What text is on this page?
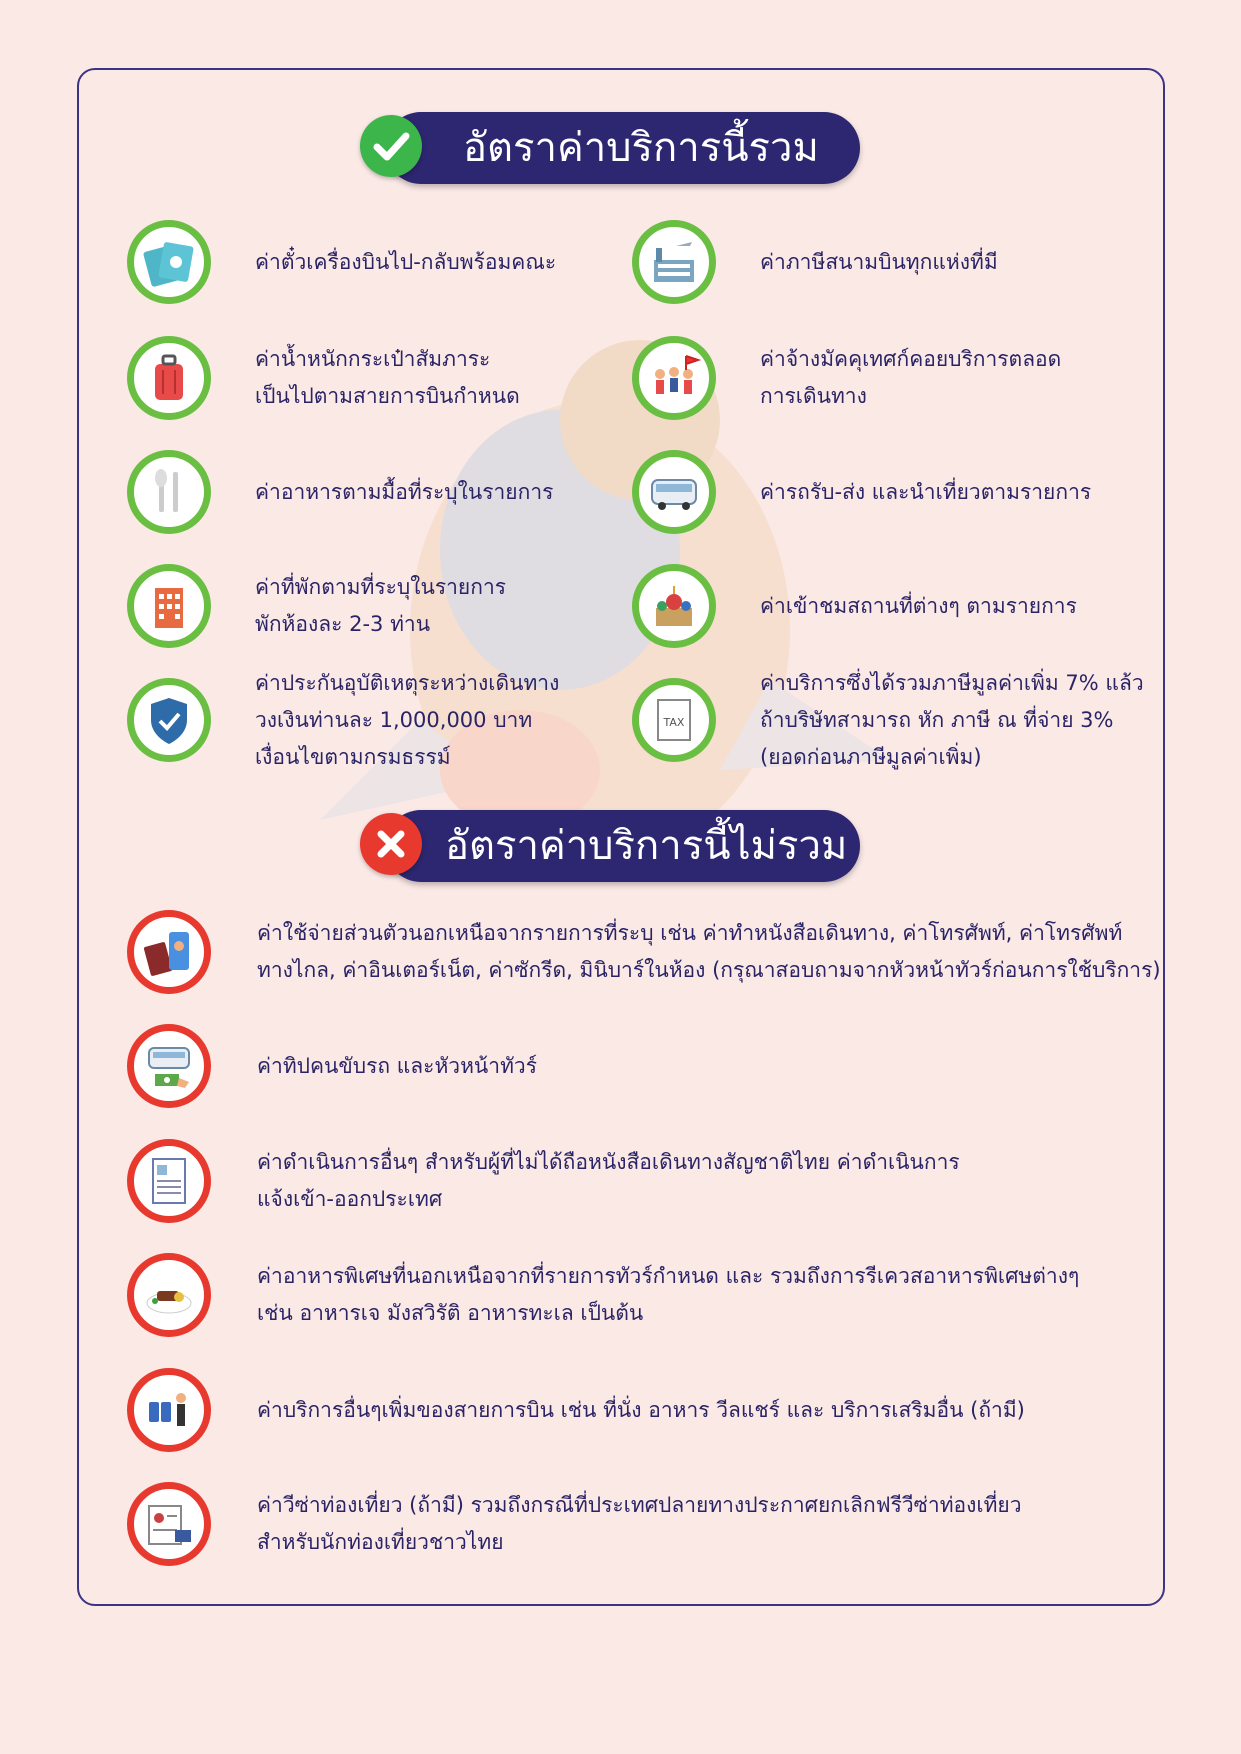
อัตราค่าบริการนี้รวม
ค่าตั๋วเครื่องบินไป-กลับพร้อมคณะ	ค่าภาษีสนามบินทุกแห่งที่มี
ค่าน้ำหนักกระเป๋าสัมภาระ
เป็นไปตามสายการบินกำหนด
ค่าจ้างมัคคุเทศก์คอยบริการตลอด
การเดินทาง
ค่าอาหารตามมื้อที่ระบุในรายการ	ค่ารถรับ-ส่ง และนำเที่ยวตามรายการ
ค่าที่พักตามที่ระบุในรายการ
พักห้องละ 2-3 ท่าน
ค่าเข้าชมสถานที่ต่างๆ ตามรายการ
ค่าประกันอุบัติเหตุระหว่างเดินทาง
วงเงินท่านละ 1,000,000 บาท
เงื่อนไขตามกรมธรรม์
TAX
ค่าบริการซึ่งได้รวมภาษีมูลค่าเพิ่ม 7% แล้ว
ถ้าบริษัทสามารถ หัก ภาษี ณ ที่จ่าย 3%
(ยอดก่อนภาษีมูลค่าเพิ่ม)
อัตราค่าบริการนี้ไม่รวม
ค่าใช้จ่ายส่วนตัวนอกเหนือจากรายการที่ระบุ เช่น ค่าทำหนังสือเดินทาง, ค่าโทรศัพท์, ค่าโทรศัพท์
ทางไกล, ค่าอินเตอร์เน็ต, ค่าซักรีด, มินิบาร์ในห้อง (กรุณาสอบถามจากหัวหน้าทัวร์ก่อนการใช้บริการ)
ค่าทิปคนขับรถ และหัวหน้าทัวร์
ค่าดำเนินการอื่นๆ สำหรับผู้ที่ไม่ได้ถือหนังสือเดินทางสัญชาติไทย ค่าดำเนินการ
แจ้งเข้า-ออกประเทศ
ค่าอาหารพิเศษที่นอกเหนือจากที่รายการทัวร์กำหนด และ รวมถึงการรีเควสอาหารพิเศษต่างๆ
เช่น อาหารเจ มังสวิรัติ อาหารทะเล เป็นต้น
ค่าบริการอื่นๆเพิ่มของสายการบิน เช่น ที่นั่ง อาหาร วีลแชร์ และ บริการเสริมอื่น (ถ้ามี)
ค่าวีซ่าท่องเที่ยว (ถ้ามี) รวมถึงกรณีที่ประเทศปลายทางประกาศยกเลิกฟรีวีซ่าท่องเที่ยว
สำหรับนักท่องเที่ยวชาวไทย
